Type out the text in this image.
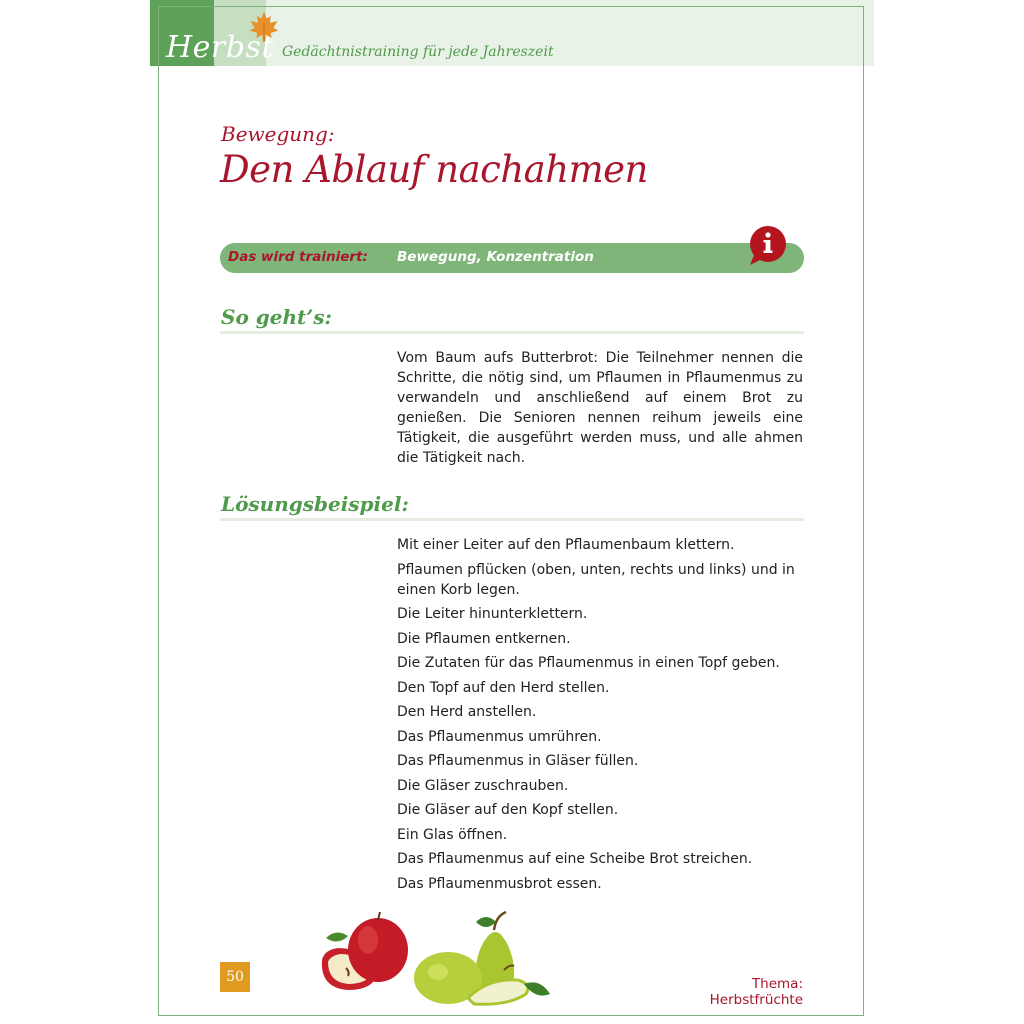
Herbst Gedächtnistraining für jede Jahreszeit
Bewegung:
Den Ablauf nachahmen
Das wird trainiert: Bewegung, Konzentration
So geht’s:

Vom Baum aufs Butterbrot: Die Teilnehmer nennen die Schritte, die nötig sind, um Pflaumen in Pflaumenmus zu verwandeln und anschließend auf einem Brot zu genießen. Die Senioren nennen reihum jeweils eine Tätigkeit, die ausgeführt werden muss, und alle ahmen die Tätigkeit nach.

Lösungsbeispiel:
Mit einer Leiter auf den Pflaumenbaum klettern.
Pflaumen pflücken (oben, unten, rechts und links) und in einen Korb legen.
Die Leiter hinunterklettern.
Die Pflaumen entkernen.
Die Zutaten für das Pflaumenmus in einen Topf geben.
Den Topf auf den Herd stellen.
Den Herd anstellen.
Das Pflaumenmus umrühren.
Das Pflaumenmus in Gläser füllen.
Die Gläser zuschrauben.
Die Gläser auf den Kopf stellen.
Ein Glas öffnen.
Das Pflaumenmus auf eine Scheibe Brot streichen.
Das Pflaumenmusbrot essen.
50	Thema: Herbstfrüchte
